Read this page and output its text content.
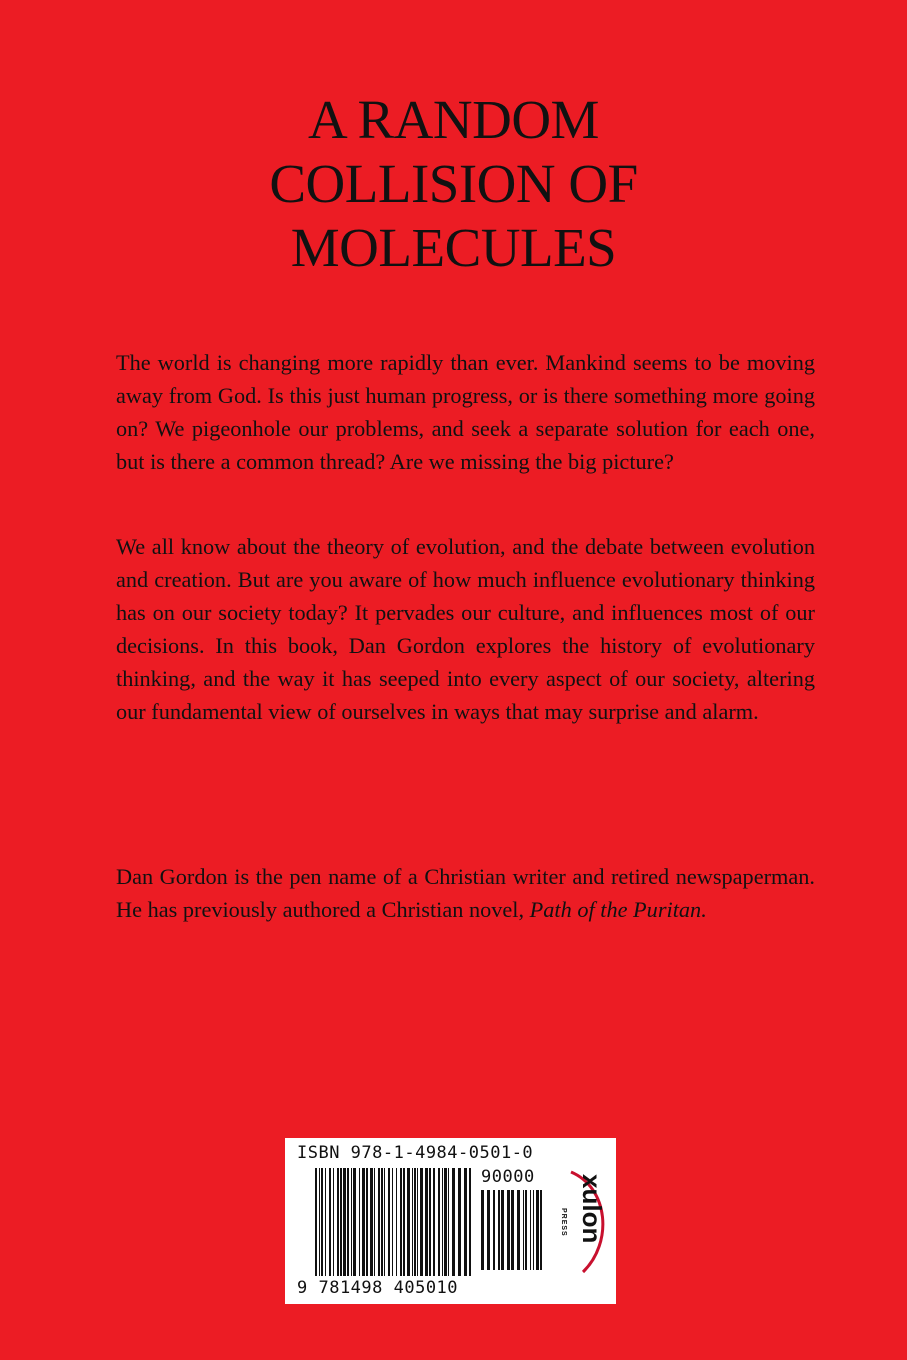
A RANDOM
COLLISION OF
MOLECULES
The world is changing more rapidly than ever. Mankind seems to be moving away from God. Is this just human progress, or is there something more going on? We pigeonhole our problems, and seek a separate solution for each one, but is there a common thread? Are we missing the big picture?
We all know about the theory of evolution, and the debate between evolution and creation. But are you aware of how much influence evolutionary thinking has on our society today? It pervades our culture, and influences most of our decisions. In this book, Dan Gordon explores the history of evolutionary thinking, and the way it has seeped into every aspect of our society, altering our fundamental view of ourselves in ways that may surprise and alarm.
Dan Gordon is the pen name of a Christian writer and retired newspaperman. He has previously authored a Christian novel, Path of the Puritan.
ISBN 978-1-4984-0501-0
90000
9 781498 405010
xulon
PRESS
